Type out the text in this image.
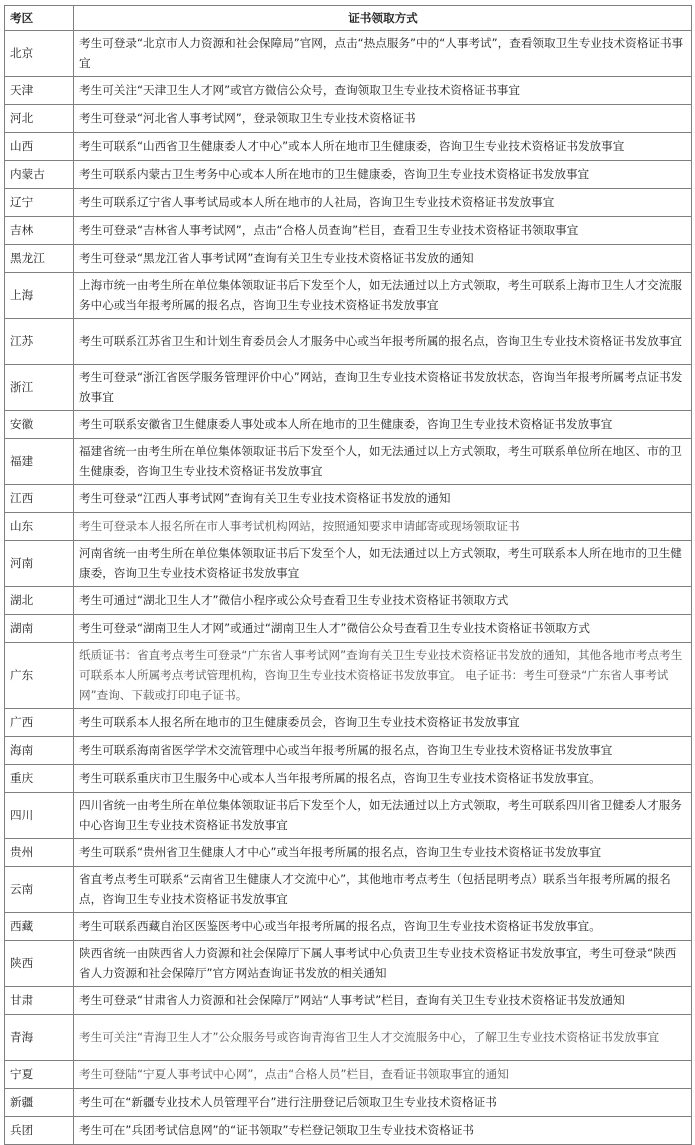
考区	证书领取方式
北京	考生可登录“北京市人力资源和社会保障局”官网，点击“热点服务”中的“人事考试”，查看领取卫生专业技术资格证书事宜
天津	考生可关注“天津卫生人才网”或官方微信公众号，查询领取卫生专业技术资格证书事宜
河北	考生可登录“河北省人事考试网”，登录领取卫生专业技术资格证书
山西	考生可联系“山西省卫生健康委人才中心”或本人所在地市卫生健康委，咨询卫生专业技术资格证书发放事宜
内蒙古	考生可联系内蒙古卫生考务中心或本人所在地市的卫生健康委，咨询卫生专业技术资格证书发放事宜
辽宁	考生可联系辽宁省人事考试局或本人所在地市的人社局，咨询卫生专业技术资格证书发放事宜
吉林	考生可登录“吉林省人事考试网”，点击“合格人员查询”栏目，查看卫生专业技术资格证书领取事宜
黑龙江	考生可登录“黑龙江省人事考试网”查询有关卫生专业技术资格证书发放的通知
上海	上海市统一由考生所在单位集体领取证书后下发至个人，如无法通过以上方式领取，考生可联系上海市卫生人才交流服务中心或当年报考所属的报名点，咨询卫生专业技术资格证书发放事宜
江苏	考生可联系江苏省卫生和计划生育委员会人才服务中心或当年报考所属的报名点，咨询卫生专业技术资格证书发放事宜
浙江	考生可登录“浙江省医学服务管理评价中心”网站，查询卫生专业技术资格证书发放状态，咨询当年报考所属考点证书发放事宜
安徽	考生可联系安徽省卫生健康委人事处或本人所在地市的卫生健康委，咨询卫生专业技术资格证书发放事宜
福建	福建省统一由考生所在单位集体领取证书后下发至个人，如无法通过以上方式领取，考生可联系单位所在地区、市的卫生健康委，咨询卫生专业技术资格证书发放事宜
江西	考生可登录“江西人事考试网”查询有关卫生专业技术资格证书发放的通知
山东	考生可登录本人报名所在市人事考试机构网站，按照通知要求申请邮寄或现场领取证书
河南	河南省统一由考生所在单位集体领取证书后下发至个人，如无法通过以上方式领取，考生可联系本人所在地市的卫生健康委，咨询卫生专业技术资格证书发放事宜
湖北	考生可通过“湖北卫生人才”微信小程序或公众号查看卫生专业技术资格证书领取方式
湖南	考生可登录“湖南卫生人才网”或通过“湖南卫生人才”微信公众号查看卫生专业技术资格证书领取方式
广东	纸质证书：省直考点考生可登录“广东省人事考试网”查询有关卫生专业技术资格证书发放的通知，其他各地市考点考生可联系本人所属考点考试管理机构，咨询卫生专业技术资格证书发放事宜。 电子证书：考生可登录“广东省人事考试网”查询、下载或打印电子证书。
广西	考生可联系本人报名所在地市的卫生健康委员会，咨询卫生专业技术资格证书发放事宜
海南	考生可联系海南省医学学术交流管理中心或当年报考所属的报名点，咨询卫生专业技术资格证书发放事宜
重庆	考生可联系重庆市卫生服务中心或本人当年报考所属的报名点，咨询卫生专业技术资格证书发放事宜。
四川	四川省统一由考生所在单位集体领取证书后下发至个人，如无法通过以上方式领取，考生可联系四川省卫健委人才服务中心咨询卫生专业技术资格证书发放事宜
贵州	考生可联系“贵州省卫生健康人才中心”或当年报考所属的报名点，咨询卫生专业技术资格证书发放事宜
云南	省直考点考生可联系“云南省卫生健康人才交流中心”，其他地市考点考生（包括昆明考点）联系当年报考所属的报名点，咨询卫生专业技术资格证书发放事宜
西藏	考生可联系西藏自治区医鉴医考中心或当年报考所属的报名点，咨询卫生专业技术资格证书发放事宜。
陕西	陕西省统一由陕西省人力资源和社会保障厅下属人事考试中心负责卫生专业技术资格证书发放事宜，考生可登录“陕西省人力资源和社会保障厅”官方网站查询证书发放的相关通知
甘肃	考生可登录“甘肃省人力资源和社会保障厅”网站“人事考试”栏目，查询有关卫生专业技术资格证书发放通知
青海	考生可关注“青海卫生人才”公众服务号或咨询青海省卫生人才交流服务中心，了解卫生专业技术资格证书发放事宜
宁夏	考生可登陆“宁夏人事考试中心网”，点击“合格人员”栏目，查看证书领取事宜的通知
新疆	考生可在“新疆专业技术人员管理平台”进行注册登记后领取卫生专业技术资格证书
兵团	考生可在”兵团考试信息网”的“证书领取”专栏登记领取卫生专业技术资格证书
